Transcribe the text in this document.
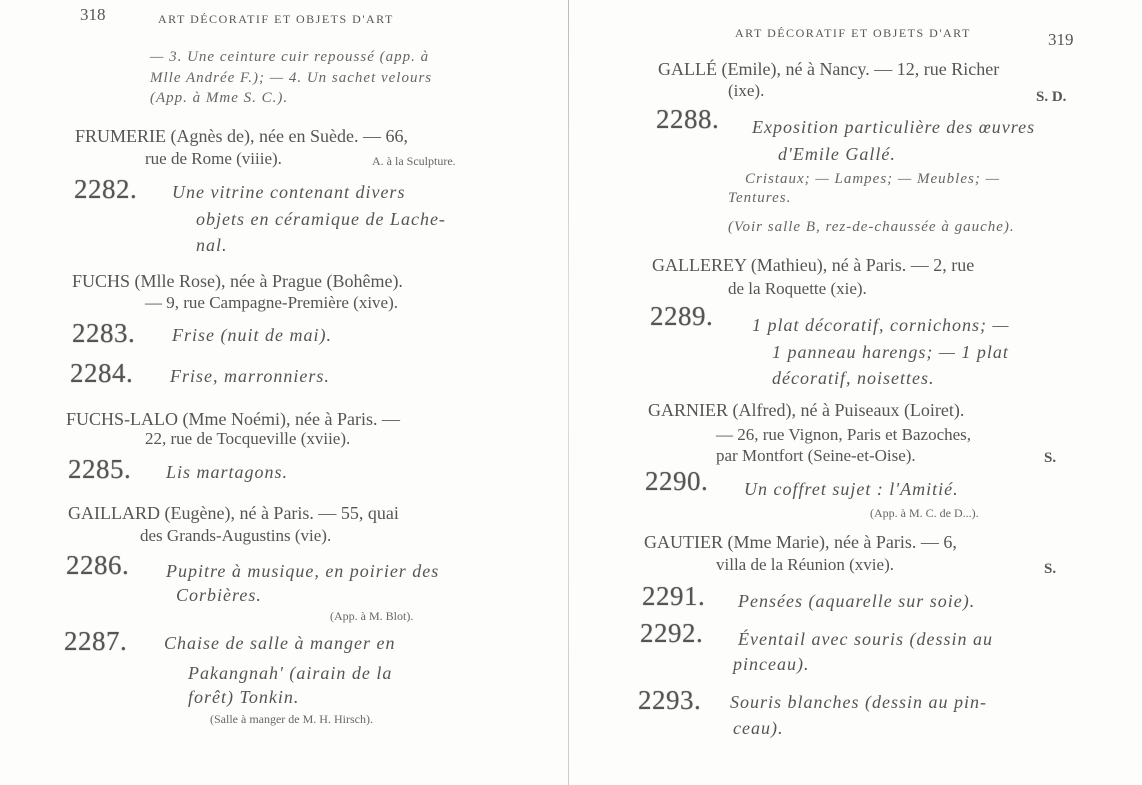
318	ART DÉCORATIF ET OBJETS D'ART
— 3. Une ceinture cuir repoussé (app. à
Mlle Andrée F.); — 4. Un sachet velours
(App. à Mme S. C.).
FRUMERIE (Agnès de), née en Suède. — 66,
rue de Rome (viiie).	A. à la Sculpture.
2282. Une vitrine contenant divers
objets en céramique de Lache-
nal.
FUCHS (Mlle Rose), née à Prague (Bohême).
— 9, rue Campagne-Première (xive).
2283. Frise (nuit de mai).
2284. Frise, marronniers.
FUCHS-LALO (Mme Noémi), née à Paris. —
22, rue de Tocqueville (xviie).
2285. Lis martagons.
GAILLARD (Eugène), né à Paris. — 55, quai
des Grands-Augustins (vie).
2286. Pupitre à musique, en poirier des
Corbières.
(App. à M. Blot).
2287. Chaise de salle à manger en
Pakangnah' (airain de la
forêt) Tonkin.
(Salle à manger de M. H. Hirsch).
ART DÉCORATIF ET OBJETS D'ART	319
GALLÉ (Emile), né à Nancy. — 12, rue Richer
(ixe).	S. D.
2288. Exposition particulière des œuvres
d'Emile Gallé.
Cristaux; — Lampes; — Meubles; —
Tentures.
(Voir salle B, rez-de-chaussée à gauche).
GALLEREY (Mathieu), né à Paris. — 2, rue
de la Roquette (xie).
2289. 1 plat décoratif, cornichons; —
1 panneau harengs; — 1 plat
décoratif, noisettes.
GARNIER (Alfred), né à Puiseaux (Loiret).
— 26, rue Vignon, Paris et Bazoches,
par Montfort (Seine-et-Oise).	S.
2290. Un coffret sujet : l'Amitié.
(App. à M. C. de D...).
GAUTIER (Mme Marie), née à Paris. — 6,
villa de la Réunion (xvie).	S.
2291. Pensées (aquarelle sur soie).
2292. Éventail avec souris (dessin au
pinceau).
2293. Souris blanches (dessin au pin-
ceau).
